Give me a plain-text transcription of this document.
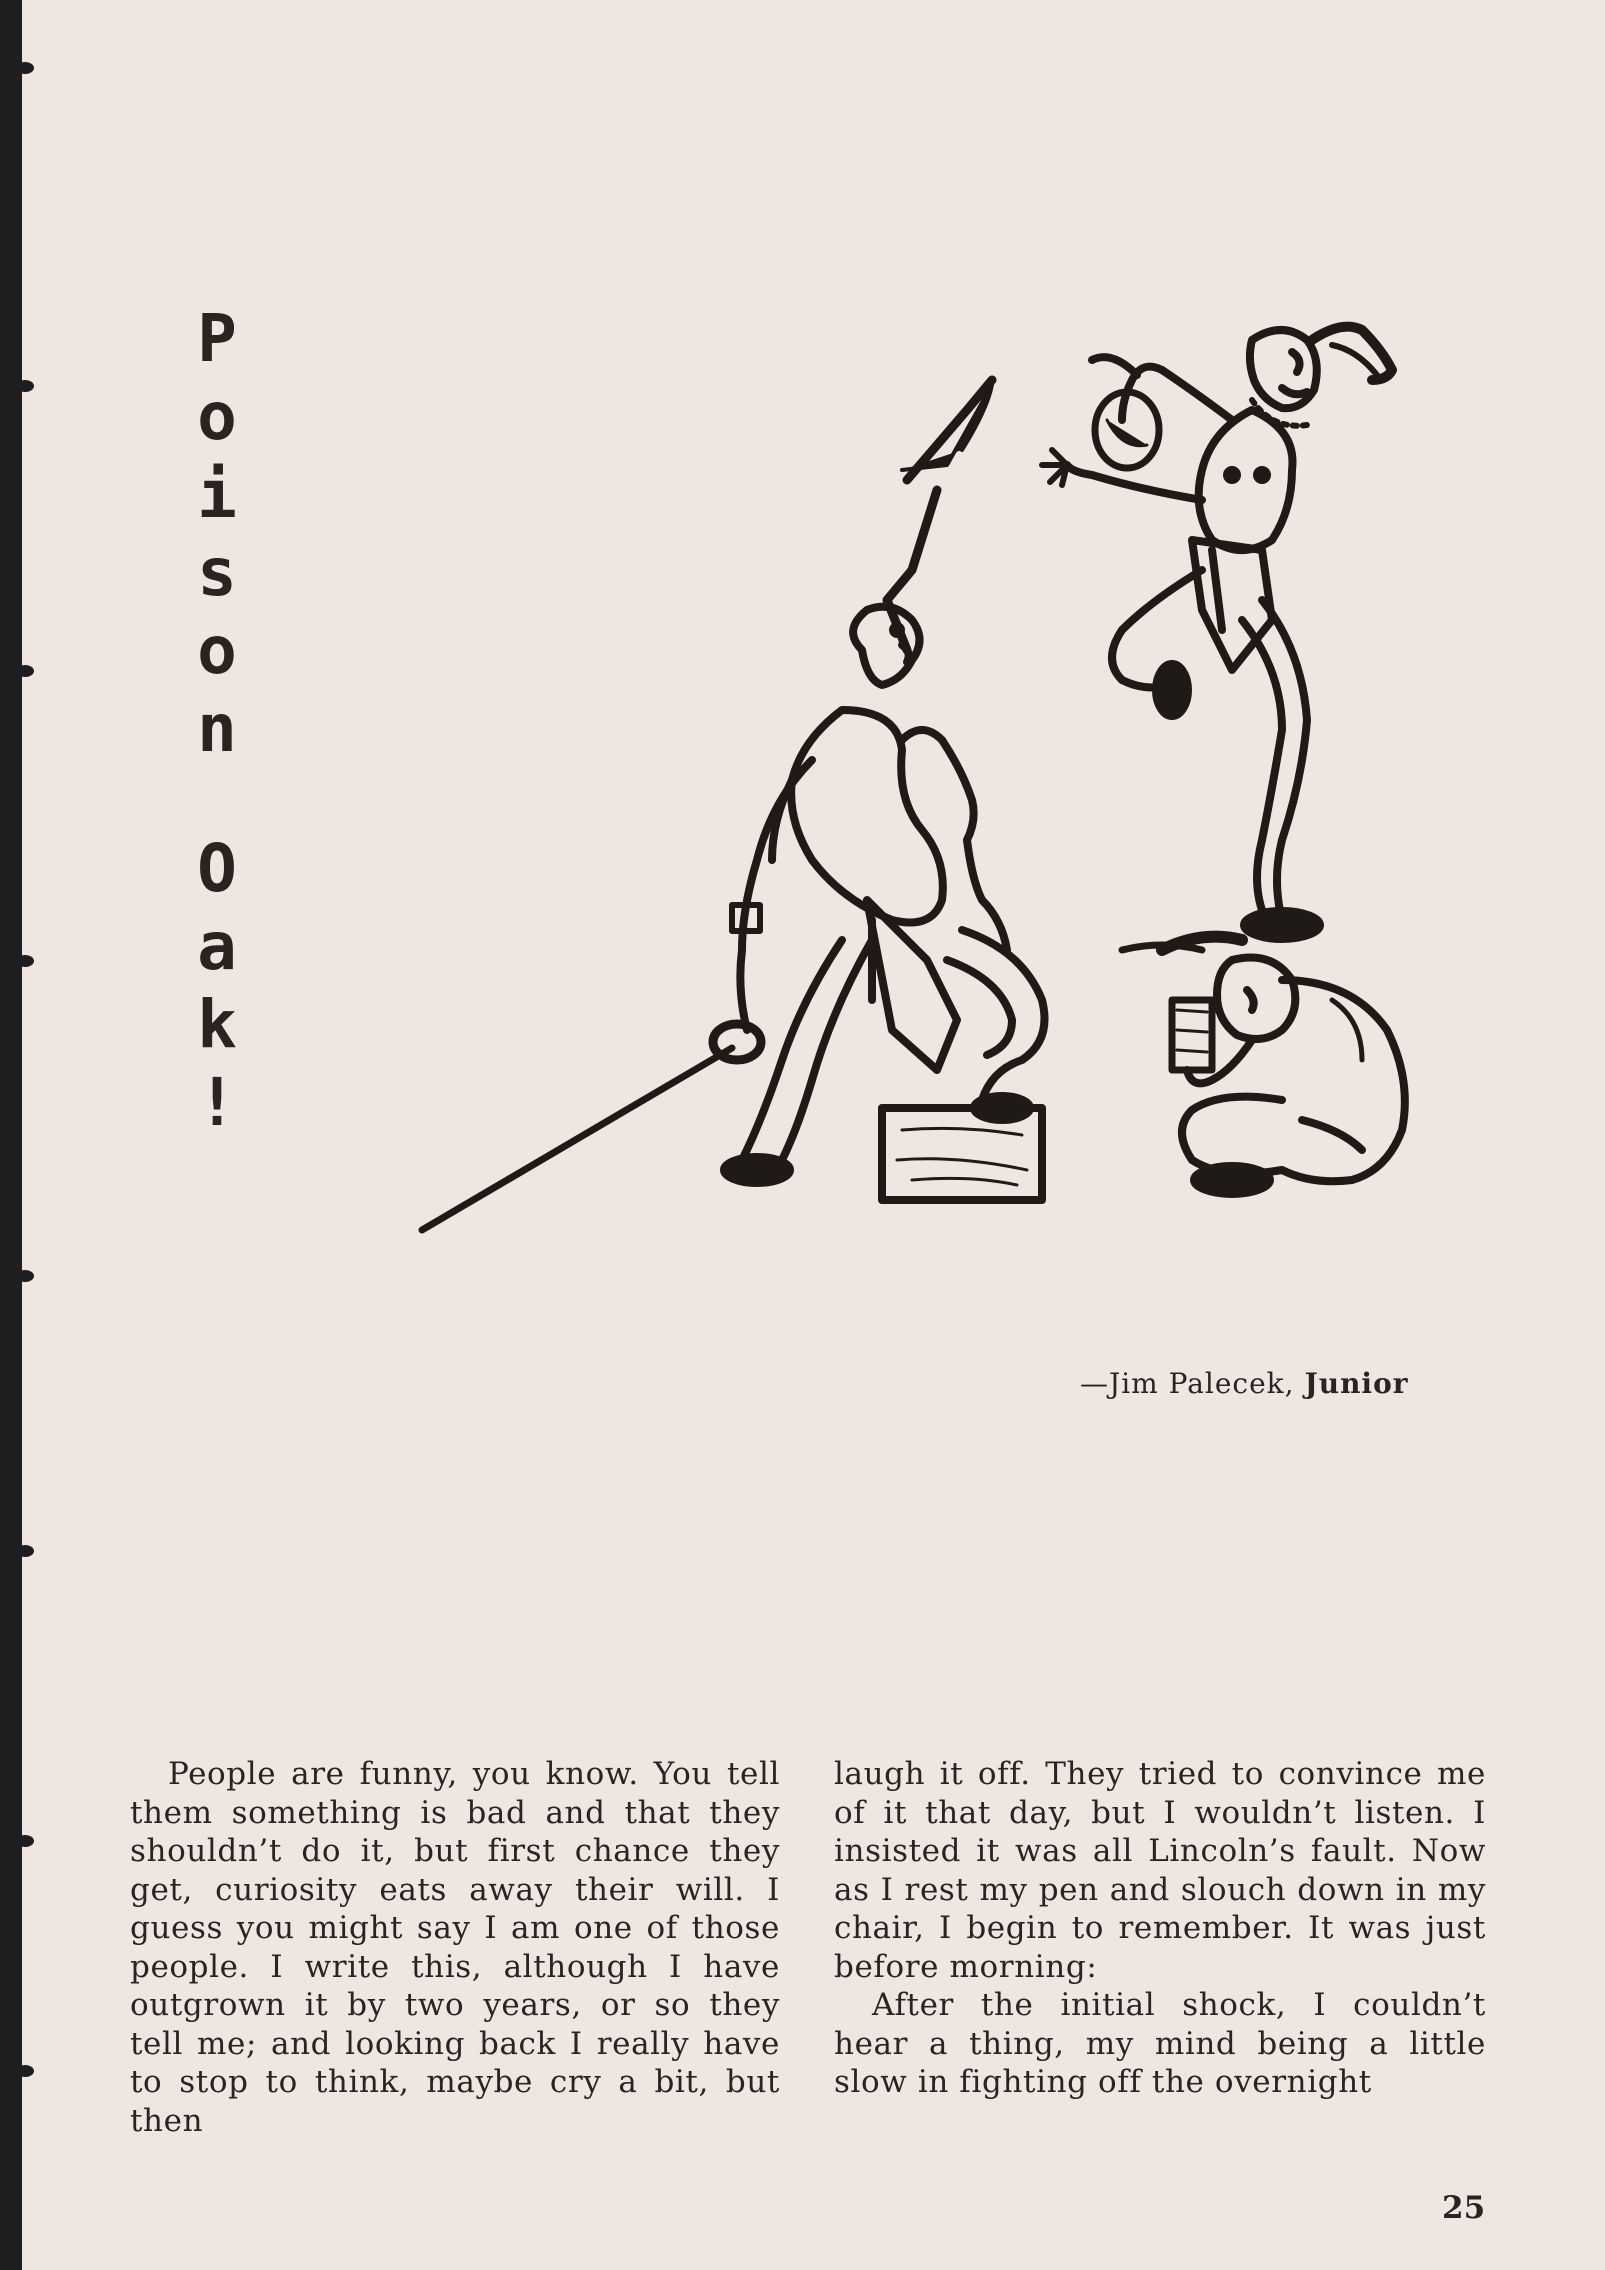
P
o
i
s
o
n
O
a
k
!
—Jim Palecek, Junior

People are funny, you know. You tell them something is bad and that they shouldn’t do it, but first chance they get, curiosity eats away their will. I guess you might say I am one of those people. I write this, although I have outgrown it by two years, or so they tell me; and looking back I really have to stop to think, maybe cry a bit, but then

laugh it off. They tried to convince me of it that day, but I wouldn’t listen. I insisted it was all Lincoln’s fault. Now as I rest my pen and slouch down in my chair, I begin to remember. It was just before morning:

After the initial shock, I couldn’t hear a thing, my mind being a little slow in fighting off the overnight

25
